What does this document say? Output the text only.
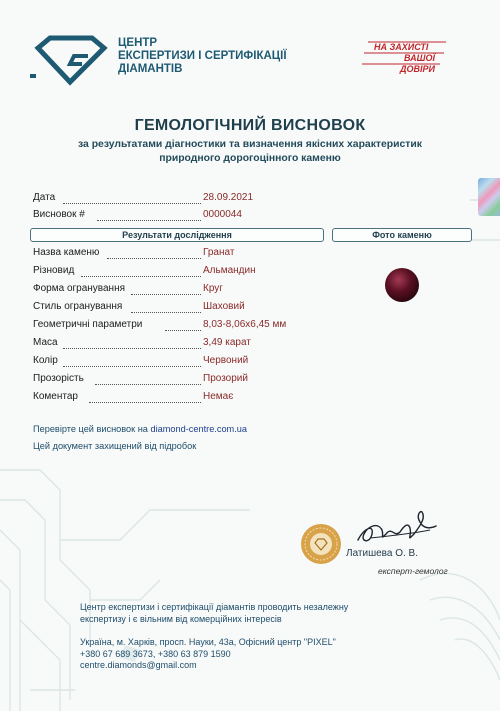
ЦЕНТР
ЕКСПЕРТИЗИ І СЕРТИФІКАЦІЇ
ДІАМАНТІВ
НА ЗАХИСТІ
ВАШОЇ
ДОВІРИ
ГЕМОЛОГІЧНИЙ ВИСНОВОК
за результатами діагностики та визначення якісних характеристик
природного дорогоцінного каменю
Дата	28.09.2021
Висновок #	0000044
Результати дослідження	Фото каменю
Назва каменю	Гранат
Різновид	Альмандин
Форма огранування	Круг
Стиль огранування	Шаховий
Геометричні параметри	8,03-8,06x6,45 мм
Маса	3,49 карат
Колір	Червоний
Прозорість	Прозорий
Коментар	Немає
Перевірте цей висновок на diamond-centre.com.ua
Цей документ захищений від підробок
Латишева О. В.
експерт-гемолог
Центр експертизи і сертифікації діамантів проводить незалежну
експертизу і є вільним від комерційних інтересів
Україна, м. Харків, просп. Науки, 43а, Офісний центр "PIXEL"
+380 67 689 3673, +380 63 879 1590
centre.diamonds@gmail.com
